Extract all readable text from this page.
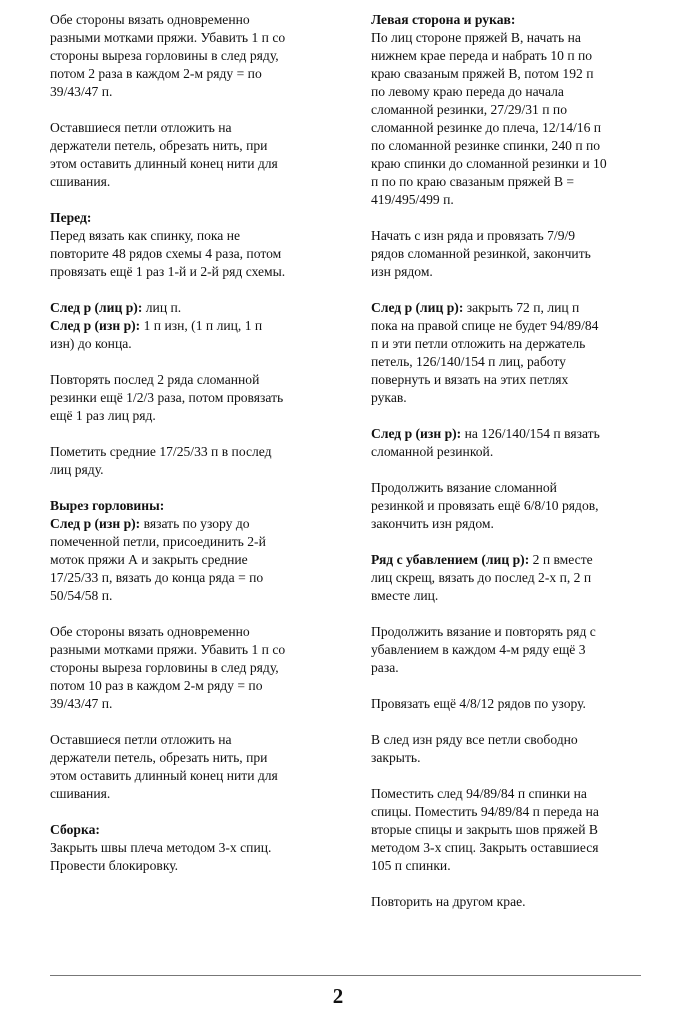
Обе стороны вязать одновременно
разными мотками пряжи. Убавить 1 п со
стороны выреза горловины в след ряду,
потом 2 раза в каждом 2-м ряду = по
39/43/47 п.

Оставшиеся петли отложить на
держатели петель, обрезать нить, при
этом оставить длинный конец нити для
сшивания.

Перед:

Перед вязать как спинку, пока не
повторите 48 рядов схемы 4 раза, потом
провязать ещё 1 раз 1-й и 2-й ряд схемы.

След р (лиц р): лиц п.

След р (изн р): 1 п изн, (1 п лиц, 1 п
изн) до конца.

Повторять послед 2 ряда сломанной
резинки ещё 1/2/3 раза, потом провязать
ещё 1 раз лиц ряд.

Пометить средние 17/25/33 п в послед
лиц ряду.

Вырез горловины:

След р (изн р): вязать по узору до
помеченной петли, присоединить 2-й
моток пряжи А и закрыть средние
17/25/33 п, вязать до конца ряда = по
50/54/58 п.

Обе стороны вязать одновременно
разными мотками пряжи. Убавить 1 п со
стороны выреза горловины в след ряду,
потом 10 раз в каждом 2-м ряду = по
39/43/47 п.

Оставшиеся петли отложить на
держатели петель, обрезать нить, при
этом оставить длинный конец нити для
сшивания.

Сборка:

Закрыть швы плеча методом 3-х спиц.
Провести блокировку.

Левая сторона и рукав:

По лиц стороне пряжей В, начать на
нижнем крае переда и набрать 10 п по
краю свазаным пряжей В, потом 192 п
по левому краю переда до начала
сломанной резинки, 27/29/31 п по
сломанной резинке до плеча, 12/14/16 п
по сломанной резинке спинки, 240 п по
краю спинки до сломанной резинки и 10
п по по краю свазаным пряжей В =
419/495/499 п.

Начать с изн ряда и провязать 7/9/9
рядов сломанной резинкой, закончить
изн рядом.

След р (лиц р): закрыть 72 п, лиц п
пока на правой спице не будет 94/89/84
п и эти петли отложить на держатель
петель, 126/140/154 п лиц, работу
повернуть и вязать на этих петлях
рукав.

След р (изн р): на 126/140/154 п вязать
сломанной резинкой.

Продолжить вязание сломанной
резинкой и провязать ещё 6/8/10 рядов,
закончить изн рядом.

Ряд с убавлением (лиц р): 2 п вместе
лиц скрещ, вязать до послед 2-х п, 2 п
вместе лиц.

Продолжить вязание и повторять ряд с
убавлением в каждом 4-м ряду ещё 3
раза.

Провязать ещё 4/8/12 рядов по узору.

В след изн ряду все петли свободно
закрыть.

Поместить след 94/89/84 п спинки на
спицы. Поместить 94/89/84 п переда на
вторые спицы и закрыть шов пряжей В
методом 3-х спиц. Закрыть оставшиеся
105 п спинки.

Повторить на другом крае.

2
